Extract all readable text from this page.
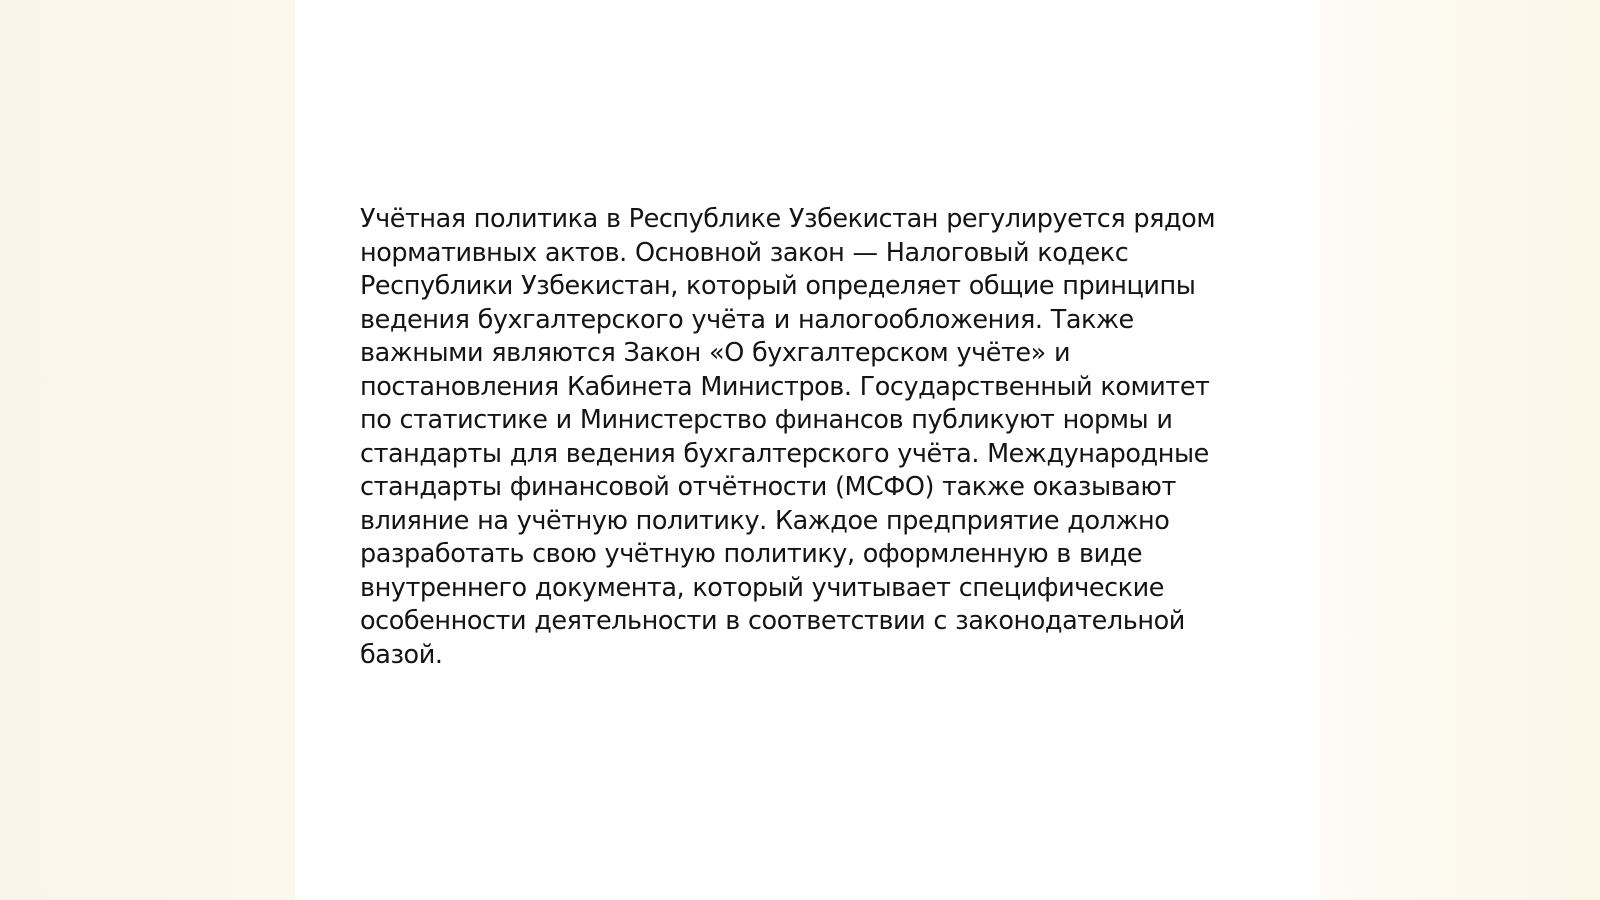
Учётная политика в Республике Узбекистан регулируется рядом нормативных актов. Основной закон — Налоговый кодекс Республики Узбекистан, который определяет общие принципы ведения бухгалтерского учёта и налогообложения. Также важными являются Закон «О бухгалтерском учёте» и постановления Кабинета Министров. Государственный комитет по статистике и Министерство финансов публикуют нормы и стандарты для ведения бухгалтерского учёта. Международные стандарты финансовой отчётности (МСФО) также оказывают влияние на учётную политику. Каждое предприятие должно разработать свою учётную политику, оформленную в виде внутреннего документа, который учитывает специфические особенности деятельности в соответствии с законодательной базой.
